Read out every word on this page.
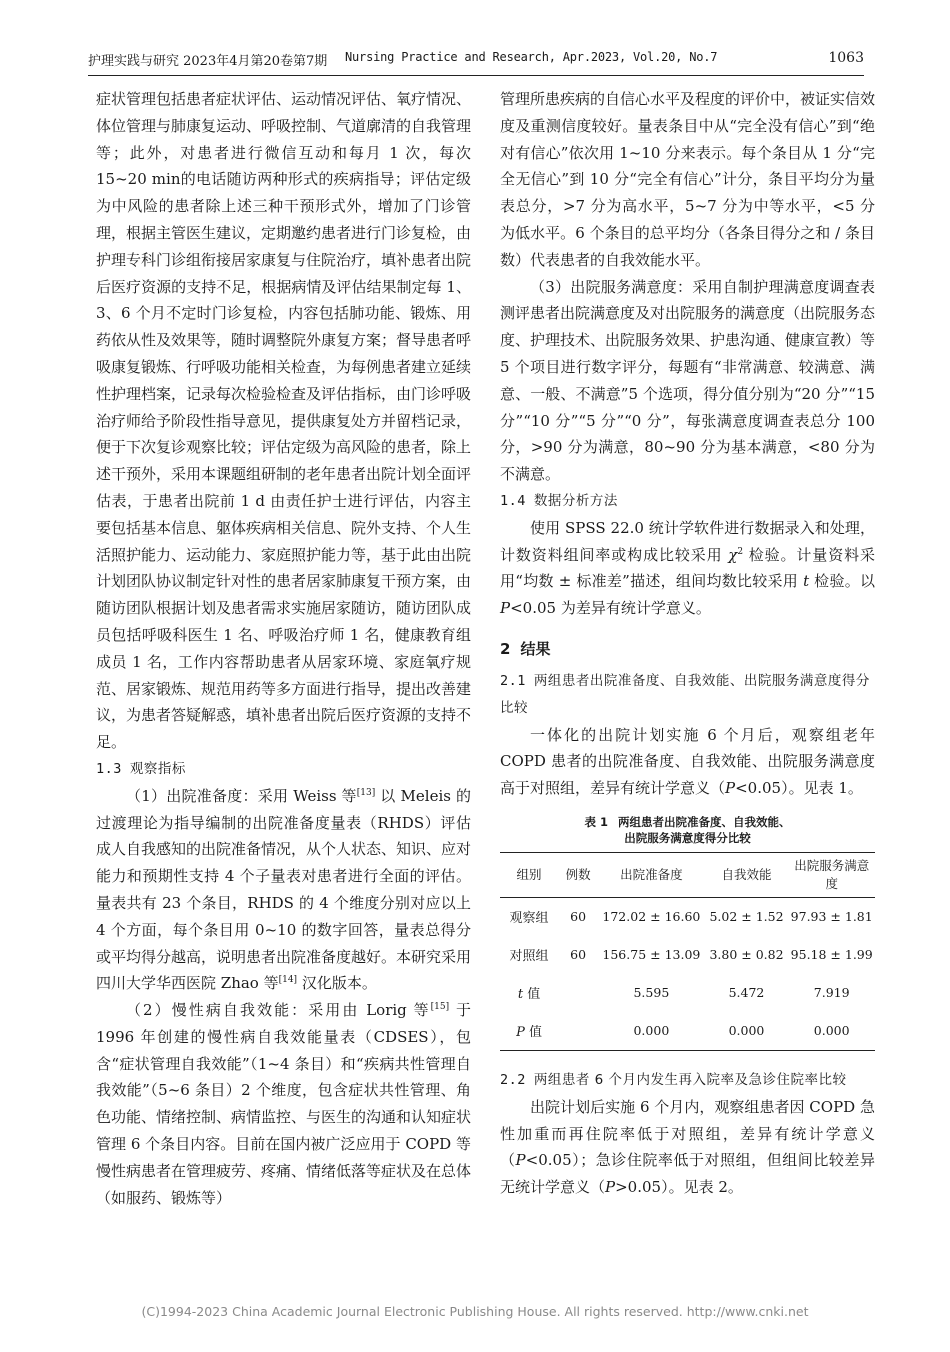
护理实践与研究 2023年4月第20卷第7期 Nursing Practice and Research, Apr.2023, Vol.20, No.7	1063

症状管理包括患者症状评估、运动情况评估、氧疗情况、体位管理与肺康复运动、呼吸控制、气道廓清的自我管理等；此外，对患者进行微信互动和每月 1 次，每次 15~20 min的电话随访两种形式的疾病指导；评估定级为中风险的患者除上述三种干预形式外，增加了门诊管理，根据主管医生建议，定期邀约患者进行门诊复检，由护理专科门诊组衔接居家康复与住院治疗，填补患者出院后医疗资源的支持不足，根据病情及评估结果制定每 1、3、6 个月不定时门诊复检，内容包括肺功能、锻炼、用药依从性及效果等，随时调整院外康复方案；督导患者呼吸康复锻炼、行呼吸功能相关检查，为每例患者建立延续性护理档案，记录每次检验检查及评估指标，由门诊呼吸治疗师给予阶段性指导意见，提供康复处方并留档记录，便于下次复诊观察比较；评估定级为高风险的患者，除上述干预外，采用本课题组研制的老年患者出院计划全面评估表，于患者出院前 1 d 由责任护士进行评估，内容主要包括基本信息、躯体疾病相关信息、院外支持、个人生活照护能力、运动能力、家庭照护能力等，基于此由出院计划团队协议制定针对性的患者居家肺康复干预方案，由随访团队根据计划及患者需求实施居家随访，随访团队成员包括呼吸科医生 1 名、呼吸治疗师 1 名，健康教育组成员 1 名，工作内容帮助患者从居家环境、家庭氧疗规范、居家锻炼、规范用药等多方面进行指导，提出改善建议，为患者答疑解惑，填补患者出院后医疗资源的支持不足。

1.3 观察指标

（1）出院准备度：采用 Weiss 等[13] 以 Meleis 的过渡理论为指导编制的出院准备度量表（RHDS）评估成人自我感知的出院准备情况，从个人状态、知识、应对能力和预期性支持 4 个子量表对患者进行全面的评估。量表共有 23 个条目，RHDS 的 4 个维度分别对应以上 4 个方面，每个条目用 0~10 的数字回答，量表总得分或平均得分越高，说明患者出院准备度越好。本研究采用四川大学华西医院 Zhao 等[14] 汉化版本。

（2）慢性病自我效能：采用由 Lorig 等[15] 于 1996 年创建的慢性病自我效能量表（CDSES），包含“症状管理自我效能”（1~4 条目）和“疾病共性管理自我效能”（5~6 条目）2 个维度，包含症状共性管理、角色功能、情绪控制、病情监控、与医生的沟通和认知症状管理 6 个条目内容。目前在国内被广泛应用于 COPD 等慢性病患者在管理疲劳、疼痛、情绪低落等症状及在总体（如服药、锻炼等）

管理所患疾病的自信心水平及程度的评价中，被证实信效度及重测信度较好。量表条目中从“完全没有信心”到“绝对有信心”依次用 1~10 分来表示。每个条目从 1 分“完全无信心”到 10 分“完全有信心”计分，条目平均分为量表总分，>7 分为高水平，5~7 分为中等水平，<5 分为低水平。6 个条目的总平均分（各条目得分之和 / 条目数）代表患者的自我效能水平。

（3）出院服务满意度：采用自制护理满意度调查表测评患者出院满意度及对出院服务的满意度（出院服务态度、护理技术、出院服务效果、护患沟通、健康宣教）等 5 个项目进行数字评分，每题有“非常满意、较满意、满意、一般、不满意”5 个选项，得分值分别为“20 分”“15 分”“10 分”“5 分”“0 分”，每张满意度调查表总分 100 分，>90 分为满意，80~90 分为基本满意，<80 分为不满意。

1.4 数据分析方法

使用 SPSS 22.0 统计学软件进行数据录入和处理，计数资料组间率或构成比较采用 $\chi^2$ 检验。计量资料采用“均数 ± 标准差”描述，组间均数比较采用 t 检验。以 P<0.05 为差异有统计学意义。

2 结果
2.1 两组患者出院准备度、自我效能、出院服务满意度得分比较

一体化的出院计划实施 6 个月后，观察组老年 COPD 患者的出院准备度、自我效能、出院服务满意度高于对照组，差异有统计学意义（P<0.05）。见表 1。

表 1 两组患者出院准备度、自我效能、
出院服务满意度得分比较
组别	例数	出院准备度	自我效能	出院服务满意度
观察组	60	172.02 ± 16.60	5.02 ± 1.52	97.93 ± 1.81
对照组	60	156.75 ± 13.09	3.80 ± 0.82	95.18 ± 1.99
t 值		5.595	5.472	7.919
P 值		0.000	0.000	0.000
2.2 两组患者 6 个月内发生再入院率及急诊住院率比较

出院计划后实施 6 个月内，观察组患者因 COPD 急性加重而再住院率低于对照组，差异有统计学意义（P<0.05）；急诊住院率低于对照组，但组间比较差异无统计学意义（P>0.05）。见表 2。

(C)1994-2023 China Academic Journal Electronic Publishing House. All rights reserved. http://www.cnki.net
